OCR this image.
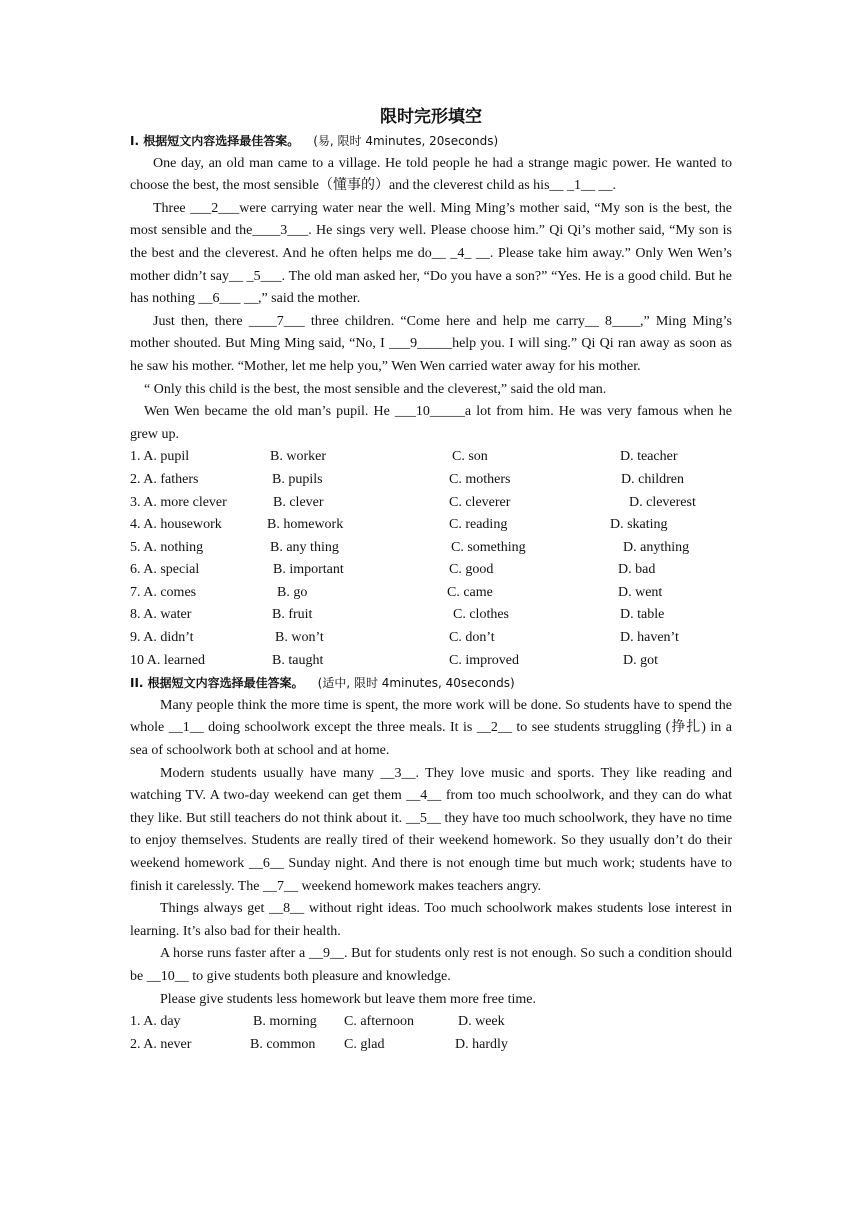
限时完形填空
I. 根据短文内容选择最佳答案。 (易, 限时 4minutes, 20seconds)

One day, an old man came to a village. He told people he had a strange magic power. He wanted to choose the best, the most sensible（懂事的）and the cleverest child as his__ _1__ __.

Three ___2___were carrying water near the well. Ming Ming’s mother said, “My son is the best, the most sensible and the____3___. He sings very well. Please choose him.” Qi Qi’s mother said, “My son is the best and the cleverest. And he often helps me do__ _4_ __. Please take him away.” Only Wen Wen’s mother didn’t say__ _5___. The old man asked her, “Do you have a son?” “Yes. He is a good child. But he has nothing __6___ __,” said the mother.

Just then, there ____7___ three children. “Come here and help me carry__ 8____,” Ming Ming’s mother shouted. But Ming Ming said, “No, I ___9_____help you. I will sing.” Qi Qi ran away as soon as he saw his mother. “Mother, let me help you,” Wen Wen carried water away for his mother.

“ Only this child is the best, the most sensible and the cleverest,” said the old man.

Wen Wen became the old man’s pupil. He ___10_____a lot from him. He was very famous when he grew up.

1. A. pupil	B. worker	C. son	D. teacher
2. A. fathers	B. pupils	C. mothers	D. children
3. A. more clever	B. clever	C. cleverer	D. cleverest
4. A. housework	B. homework	C. reading	D. skating
5. A. nothing	B. any thing	C. something	D. anything
6. A. special	B. important	C. good	D. bad
7. A. comes	B. go	C. came	D. went
8. A. water	B. fruit	C. clothes	D. table
9. A. didn’t	B. won’t	C. don’t	D. haven’t
10 A. learned	B. taught	C. improved	D. got
II. 根据短文内容选择最佳答案。 (适中, 限时 4minutes, 40seconds)

Many people think the more time is spent, the more work will be done. So students have to spend the whole __1__ doing schoolwork except the three meals. It is __2__ to see students struggling (挣扎) in a sea of schoolwork both at school and at home.

Modern students usually have many __3__. They love music and sports. They like reading and watching TV. A two-day weekend can get them __4__ from too much schoolwork, and they can do what they like. But still teachers do not think about it. __5__ they have too much schoolwork, they have no time to enjoy themselves. Students are really tired of their weekend homework. So they usually don’t do their weekend homework __6__ Sunday night. And there is not enough time but much work; students have to finish it carelessly. The __7__ weekend homework makes teachers angry.

Things always get __8__ without right ideas. Too much schoolwork makes students lose interest in learning. It’s also bad for their health.

A horse runs faster after a __9__. But for students only rest is not enough. So such a condition should be __10__ to give students both pleasure and knowledge.

Please give students less homework but leave them more free time.

1. A. day	B. morning C. afternoon	D. week
2. A. never	B. common C. glad	D. hardly
